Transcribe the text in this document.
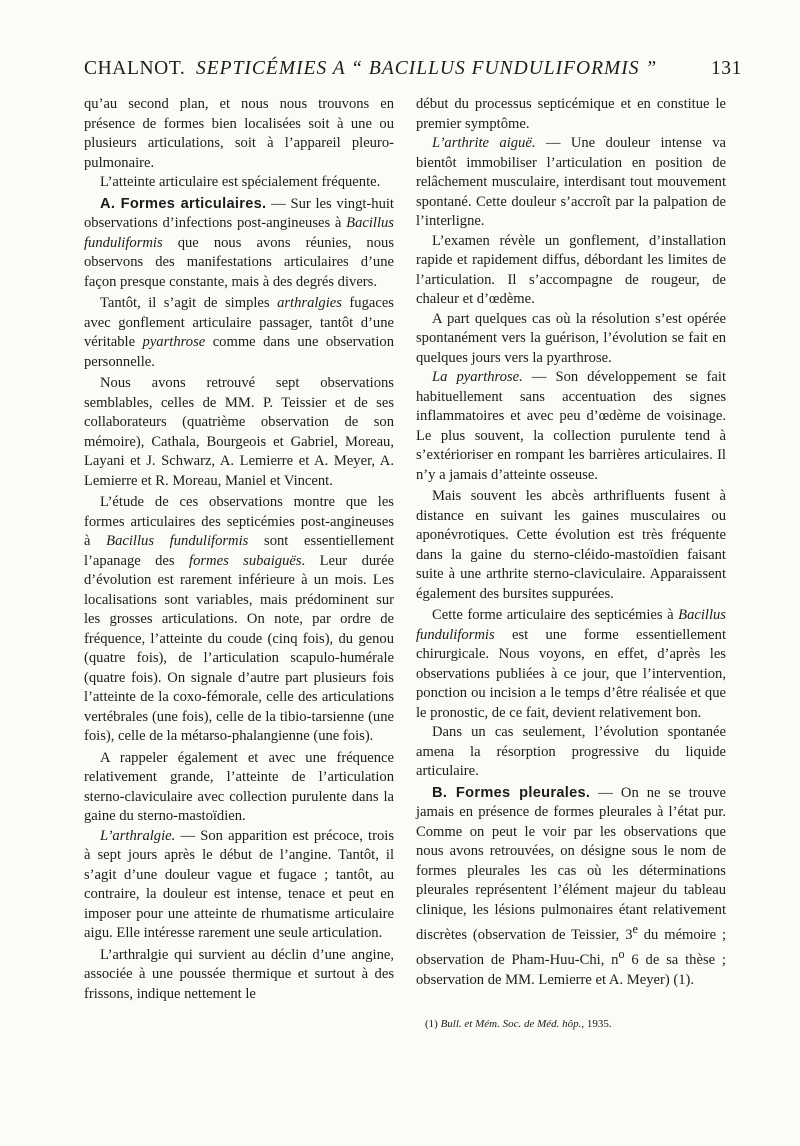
CHALNOT. SEPTICÉMIES A “ BACILLUS FUNDULIFORMIS ”	131

qu’au second plan, et nous nous trouvons en présence de formes bien localisées soit à une ou plusieurs articulations, soit à l’appareil pleuro-pulmonaire.

L’atteinte articulaire est spécialement fréquente.

A. Formes articulaires. — Sur les vingt-huit observations d’infections post-angineuses à Bacillus funduliformis que nous avons réunies, nous observons des manifestations articulaires d’une façon presque constante, mais à des degrés divers.

Tantôt, il s’agit de simples arthralgies fugaces avec gonflement articulaire passager, tantôt d’une véritable pyarthrose comme dans une observation personnelle.

Nous avons retrouvé sept observations semblables, celles de MM. P. Teissier et de ses collaborateurs (quatrième observation de son mémoire), Cathala, Bourgeois et Gabriel, Moreau, Layani et J. Schwarz, A. Lemierre et A. Meyer, A. Lemierre et R. Moreau, Maniel et Vincent.

L’étude de ces observations montre que les formes articulaires des septicémies post-angineuses à Bacillus funduliformis sont essentiellement l’apanage des formes subaiguës. Leur durée d’évolution est rarement inférieure à un mois. Les localisations sont variables, mais prédominent sur les grosses articulations. On note, par ordre de fréquence, l’atteinte du coude (cinq fois), du genou (quatre fois), de l’articulation scapulo-humérale (quatre fois). On signale d’autre part plusieurs fois l’atteinte de la coxo-fémorale, celle des articulations vertébrales (une fois), celle de la tibio-tarsienne (une fois), celle de la métarso-phalangienne (une fois).

A rappeler également et avec une fréquence relativement grande, l’atteinte de l’articulation sterno-claviculaire avec collection purulente dans la gaine du sterno-mastoïdien.

L’arthralgie. — Son apparition est précoce, trois à sept jours après le début de l’angine. Tantôt, il s’agit d’une douleur vague et fugace ; tantôt, au contraire, la douleur est intense, tenace et peut en imposer pour une atteinte de rhumatisme articulaire aigu. Elle intéresse rarement une seule articulation.

L’arthralgie qui survient au déclin d’une angine, associée à une poussée thermique et surtout à des frissons, indique nettement le

début du processus septicémique et en constitue le premier symptôme.

L’arthrite aiguë. — Une douleur intense va bientôt immobiliser l’articulation en position de relâchement musculaire, interdisant tout mouvement spontané. Cette douleur s’accroît par la palpation de l’interligne.

L’examen révèle un gonflement, d’installation rapide et rapidement diffus, débordant les limites de l’articulation. Il s’accompagne de rougeur, de chaleur et d’œdème.

A part quelques cas où la résolution s’est opérée spontanément vers la guérison, l’évolution se fait en quelques jours vers la pyarthrose.

La pyarthrose. — Son développement se fait habituellement sans accentuation des signes inflammatoires et avec peu d’œdème de voisinage. Le plus souvent, la collection purulente tend à s’extérioriser en rompant les barrières articulaires. Il n’y a jamais d’atteinte osseuse.

Mais souvent les abcès arthrifluents fusent à distance en suivant les gaines musculaires ou aponévrotiques. Cette évolution est très fréquente dans la gaine du sterno-cléido-mastoïdien faisant suite à une arthrite sterno-claviculaire. Apparaissent également des bursites suppurées.

Cette forme articulaire des septicémies à Bacillus funduliformis est une forme essentiellement chirurgicale. Nous voyons, en effet, d’après les observations publiées à ce jour, que l’intervention, ponction ou incision a le temps d’être réalisée et que le pronostic, de ce fait, devient relativement bon.

Dans un cas seulement, l’évolution spontanée amena la résorption progressive du liquide articulaire.

B. Formes pleurales. — On ne se trouve jamais en présence de formes pleurales à l’état pur. Comme on peut le voir par les observations que nous avons retrouvées, on désigne sous le nom de formes pleurales les cas où les déterminations pleurales représentent l’élément majeur du tableau clinique, les lésions pulmonaires étant relativement discrètes (observation de Teissier, 3e du mémoire ; observation de Pham-Huu-Chi, $n^o$ 6 de sa thèse ; observation de MM. Lemierre et A. Meyer) (1).

(1) Bull. et Mém. Soc. de Méd. hôp., 1935.
